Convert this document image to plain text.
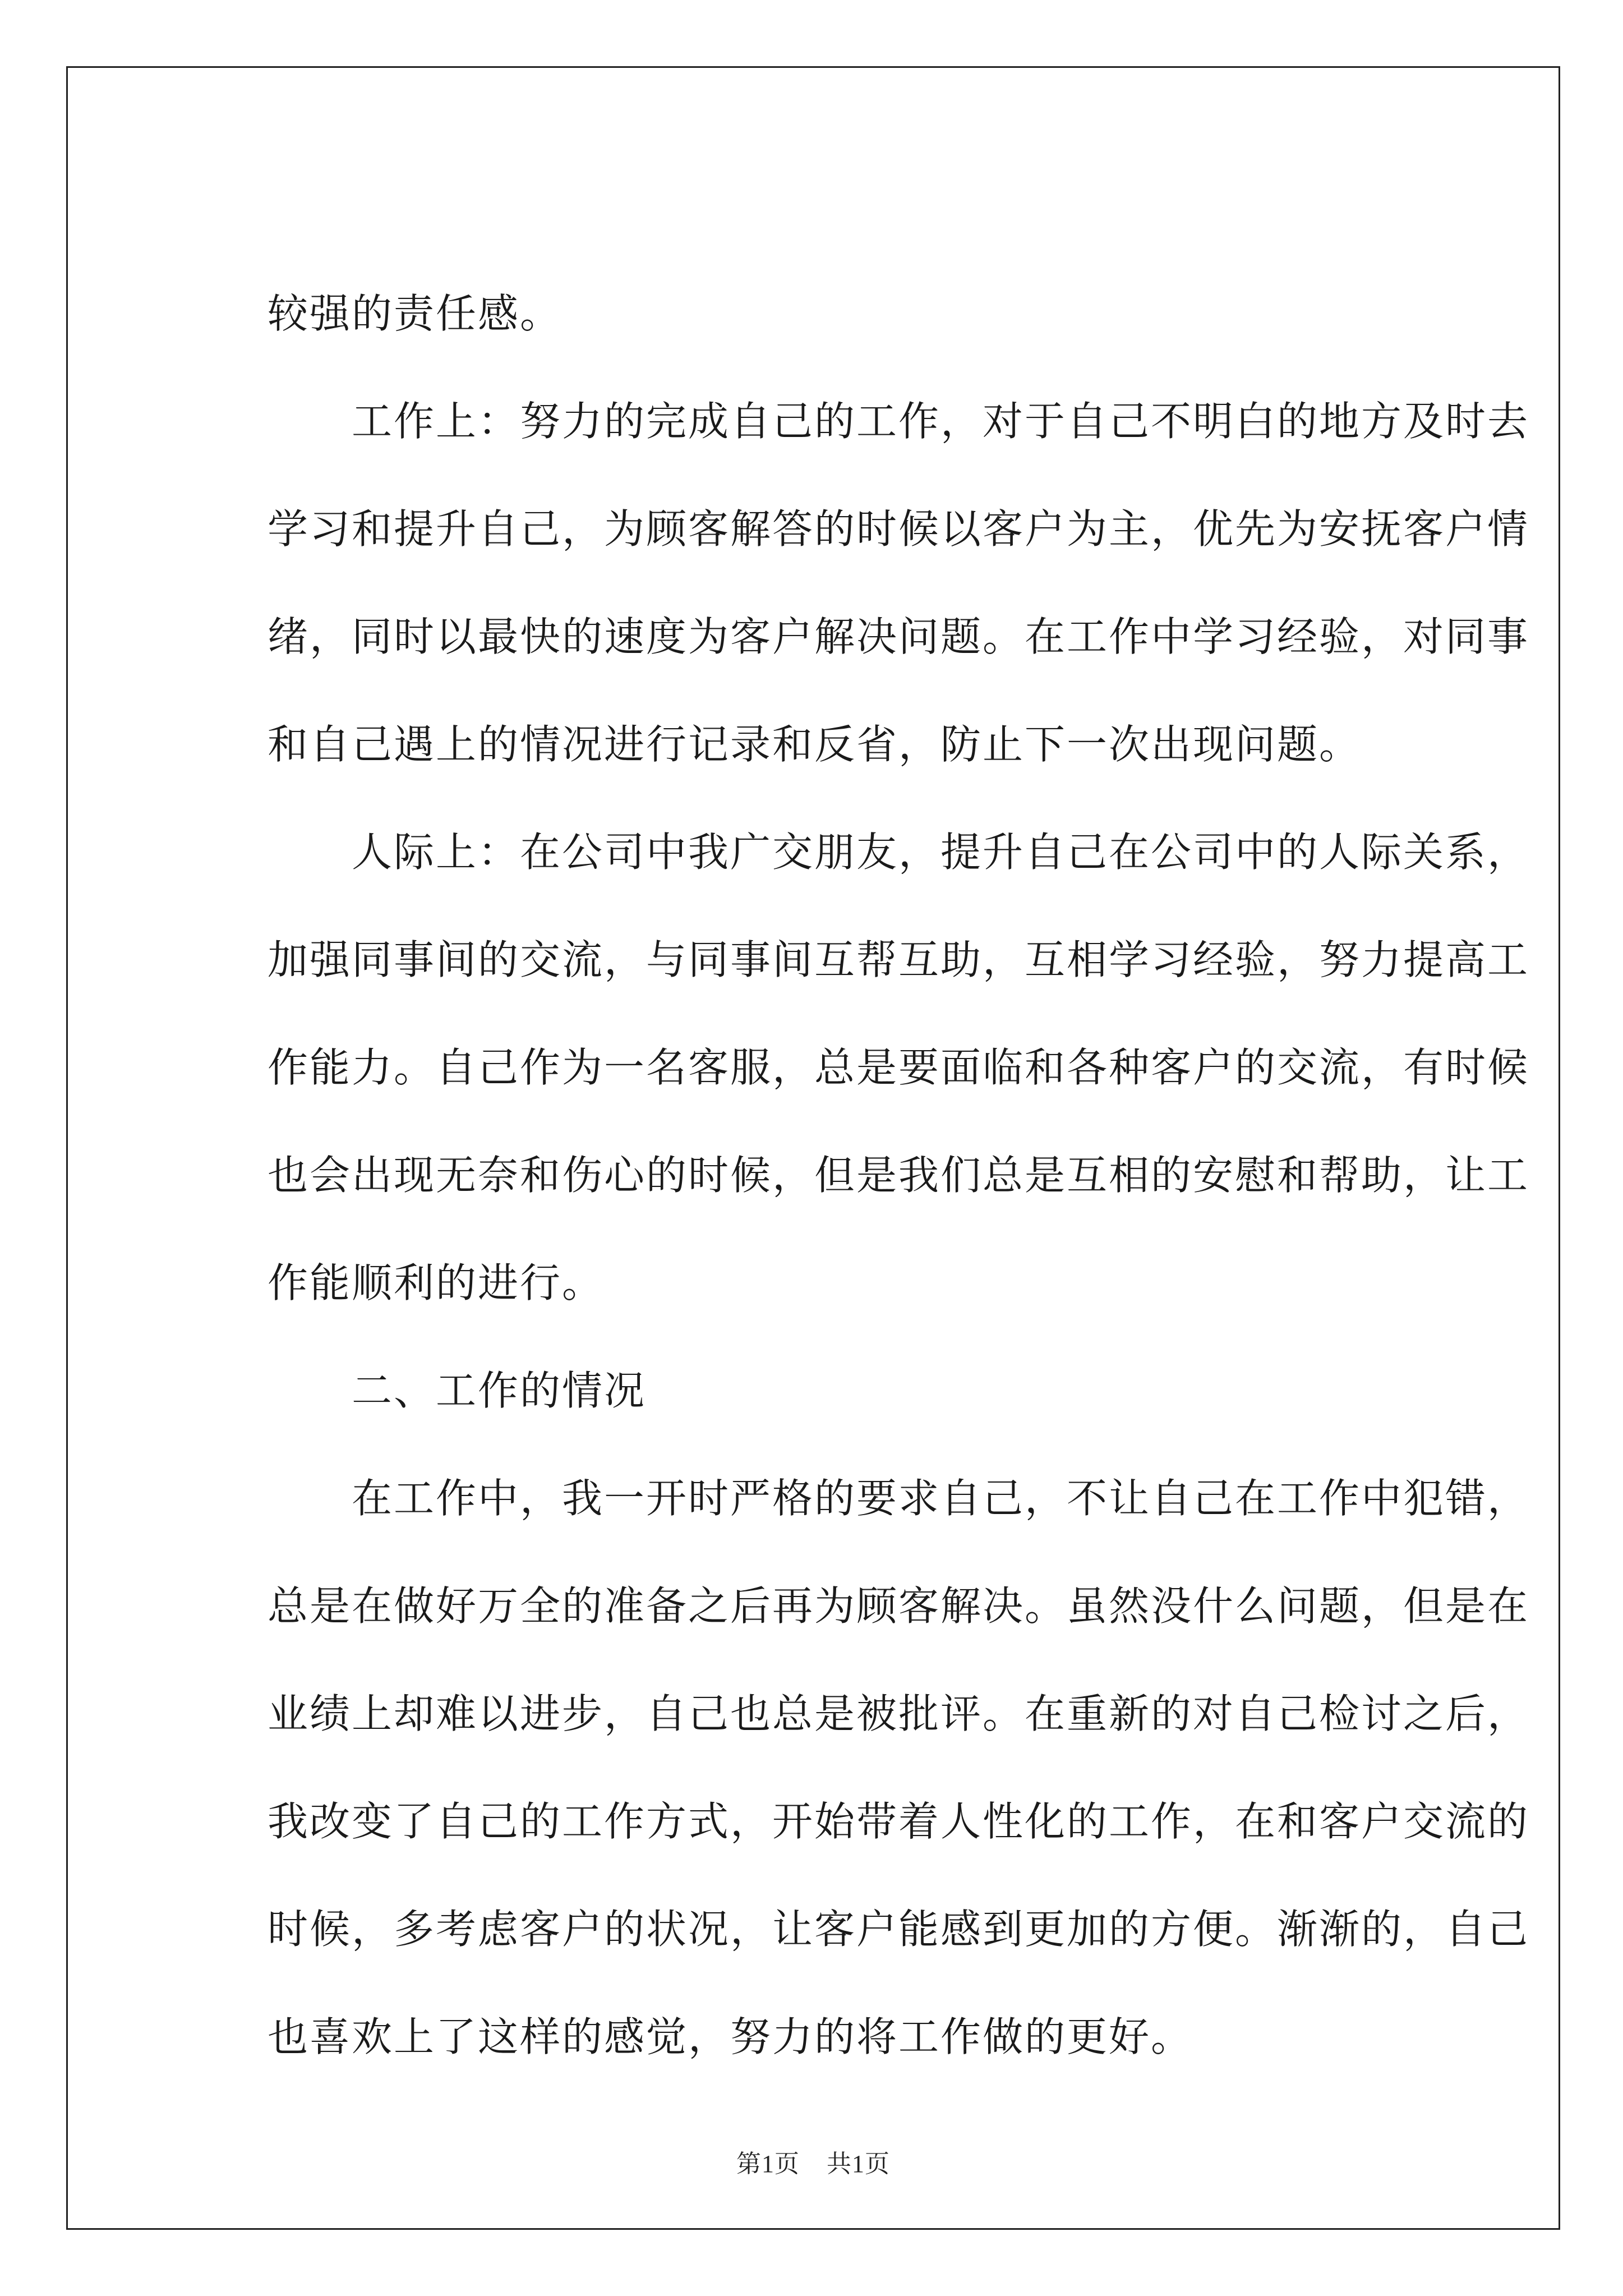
较强的责任感。
工作上：努力的完成自己的工作，对于自己不明白的地方及时去
学习和提升自己，为顾客解答的时候以客户为主，优先为安抚客户情
绪，同时以最快的速度为客户解决问题。在工作中学习经验，对同事
和自己遇上的情况进行记录和反省，防止下一次出现问题。
人际上：在公司中我广交朋友，提升自己在公司中的人际关系，
加强同事间的交流，与同事间互帮互助，互相学习经验，努力提高工
作能力。自己作为一名客服，总是要面临和各种客户的交流，有时候
也会出现无奈和伤心的时候，但是我们总是互相的安慰和帮助，让工
作能顺利的进行。
二、工作的情况
在工作中，我一开时严格的要求自己，不让自己在工作中犯错，
总是在做好万全的准备之后再为顾客解决。虽然没什么问题，但是在
业绩上却难以进步，自己也总是被批评。在重新的对自己检讨之后，
我改变了自己的工作方式，开始带着人性化的工作，在和客户交流的
时候，多考虑客户的状况，让客户能感到更加的方便。渐渐的，自己
也喜欢上了这样的感觉，努力的将工作做的更好。
第1页 共1页
